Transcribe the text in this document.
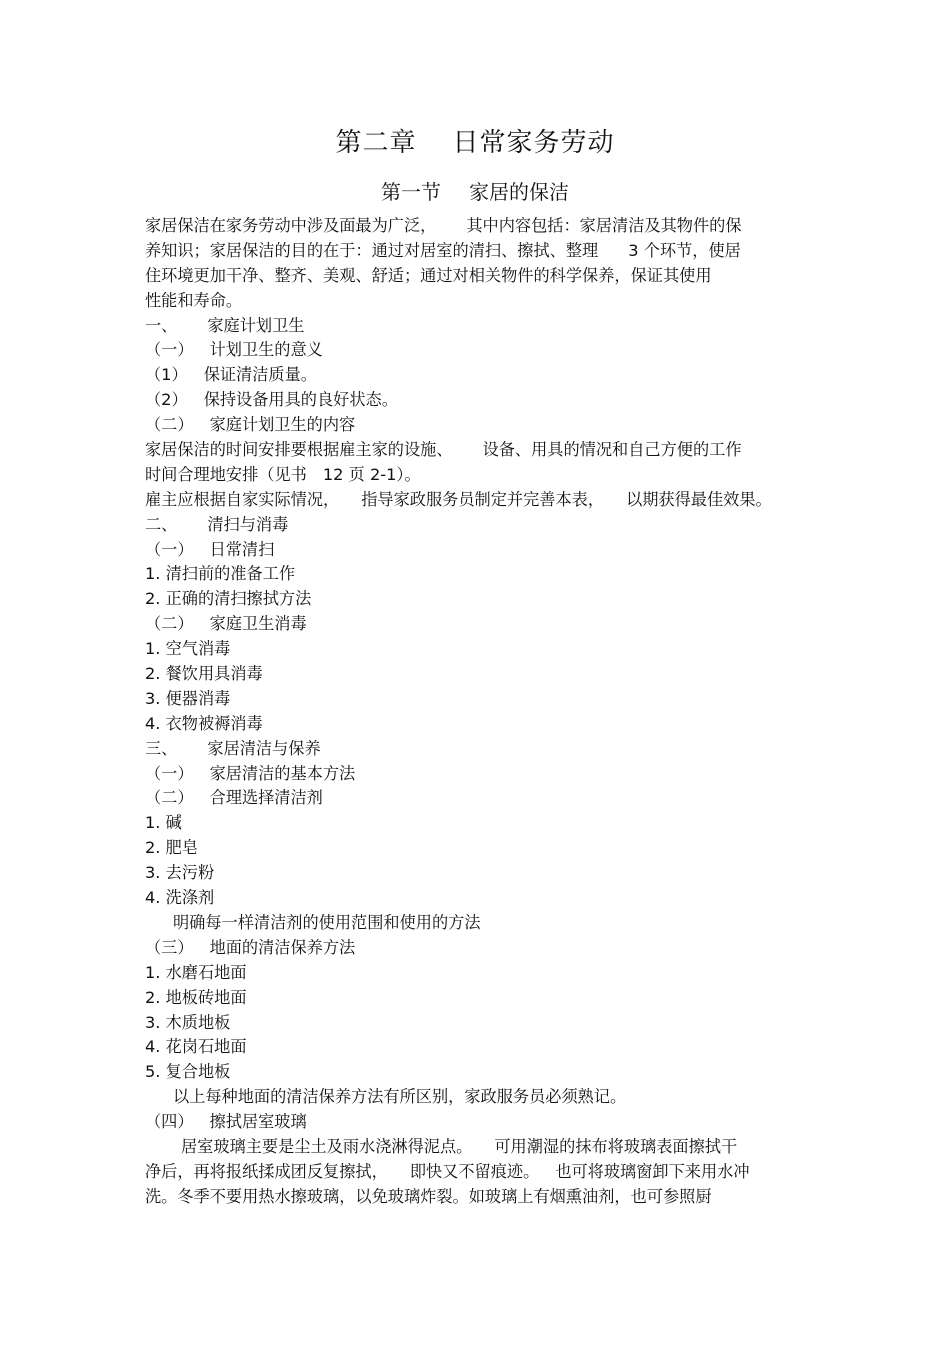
第二章 日常家务劳动
第一节 家居的保洁
家居保洁在家务劳动中涉及面最为广泛， 其中内容包括：家居清洁及其物件的保
养知识；家居保洁的目的在于：通过对居室的清扫、擦拭、整理 3 个环节，使居
住环境更加干净、整齐、美观、舒适；通过对相关物件的科学保养，保证其使用
性能和寿命。
一、 家庭计划卫生
（一） 计划卫生的意义
（1） 保证清洁质量。
（2） 保持设备用具的良好状态。
（二） 家庭计划卫生的内容
家居保洁的时间安排要根据雇主家的设施、 设备、用具的情况和自己方便的工作
时间合理地安排（见书 12 页 2-1）。
雇主应根据自家实际情况， 指导家政服务员制定并完善本表， 以期获得最佳效果。
二、 清扫与消毒
（一） 日常清扫
1. 清扫前的准备工作
2. 正确的清扫擦拭方法
（二） 家庭卫生消毒
1. 空气消毒
2. 餐饮用具消毒
3. 便器消毒
4. 衣物被褥消毒
三、 家居清洁与保养
（一） 家居清洁的基本方法
（二） 合理选择清洁剂
1. 碱
2. 肥皂
3. 去污粉
4. 洗涤剂
明确每一样清洁剂的使用范围和使用的方法
（三） 地面的清洁保养方法
1. 水磨石地面
2. 地板砖地面
3. 木质地板
4. 花岗石地面
5. 复合地板
以上每种地面的清洁保养方法有所区别，家政服务员必须熟记。
（四） 擦拭居室玻璃
居室玻璃主要是尘土及雨水浇淋得泥点。 可用潮湿的抹布将玻璃表面擦拭干
净后，再将报纸揉成团反复擦拭， 即快又不留痕迹。 也可将玻璃窗卸下来用水冲
洗。冬季不要用热水擦玻璃，以免玻璃炸裂。如玻璃上有烟熏油剂，也可参照厨
